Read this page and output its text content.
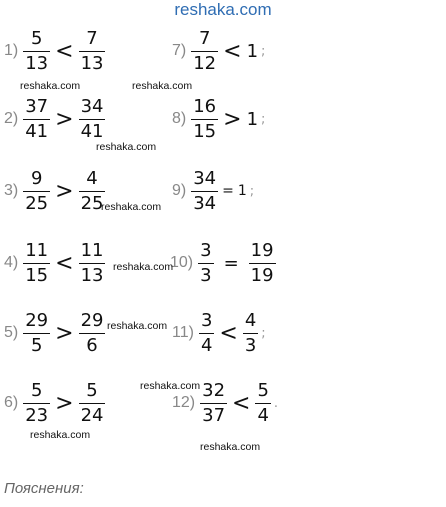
reshaka.com
$1) \frac{5}{13} < \frac{7}{13}$
$2) \frac{37}{41} > \frac{34}{41}$
$3) \frac{9}{25} > \frac{4}{25}$
$4) \frac{11}{15} < \frac{11}{13}$
$5) \frac{29}{5} > \frac{29}{6}$
$6) \frac{5}{23} > \frac{5}{24}$
$7) \frac{7}{12} < 1$ ;
$8) \frac{16}{15} > 1$ ;
$9) \frac{34}{34} = 1$ ;
$10) \frac{3}{3} = \frac{19}{19}$
$11) \frac{3}{4} < \frac{4}{3}$ ;
$12) \frac{32}{37} < \frac{5}{4}$ .
reshaka.com	reshaka.com
reshaka.com
reshaka.com
reshaka.com
reshaka.com
reshaka.com
reshaka.com
reshaka.com
Пояснения:
